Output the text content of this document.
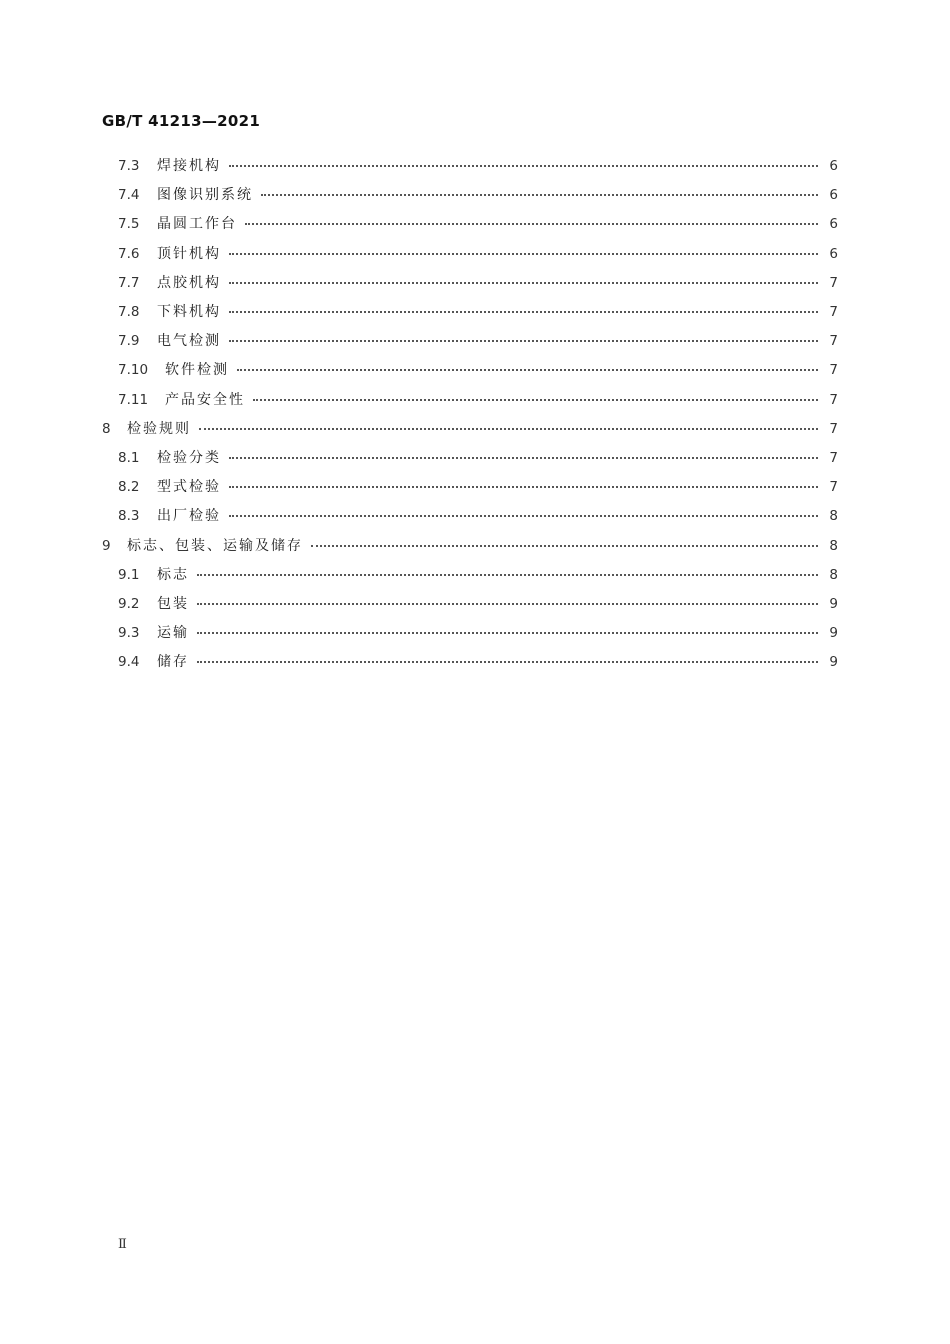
GB/T 41213—2021
7.3 焊接机构	6
7.4 图像识别系统	6
7.5 晶圆工作台	6
7.6 顶针机构	6
7.7 点胶机构	7
7.8 下料机构	7
7.9 电气检测	7
7.10 软件检测	7
7.11 产品安全性	7
8 检验规则	7
8.1 检验分类	7
8.2 型式检验	7
8.3 出厂检验	8
9 标志、包装、运输及储存	8
9.1 标志	8
9.2 包装	9
9.3 运输	9
9.4 储存	9
Ⅱ
